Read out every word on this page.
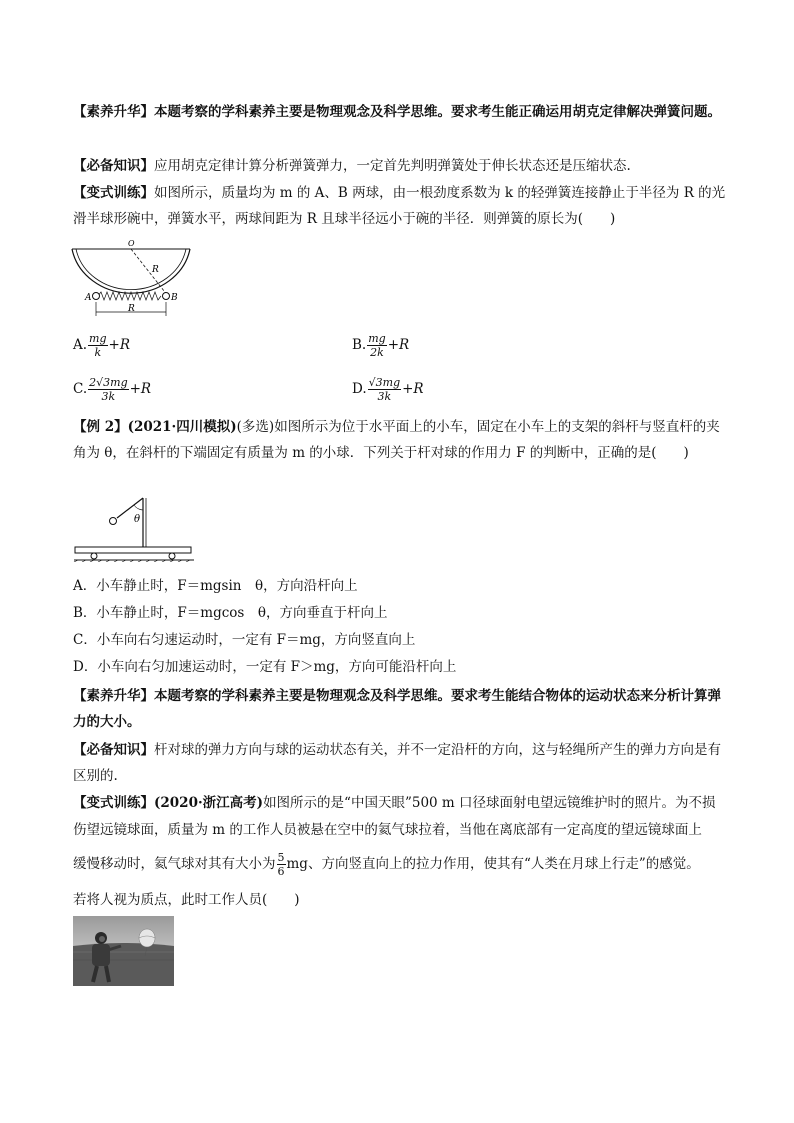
【素养升华】本题考察的学科素养主要是物理观念及科学思维。要求考生能正确运用胡克定律解决弹簧问题。
【必备知识】应用胡克定律计算分析弹簧弹力，一定首先判明弹簧处于伸长状态还是压缩状态.
【变式训练】如图所示，质量均为 m 的 A、B 两球，由一根劲度系数为 k 的轻弹簧连接静止于半径为 R 的光滑半球形碗中，弹簧水平，两球间距为 R 且球半径远小于碗的半径．则弹簧的原长为(　　)
O
R
A	B
R
A. $\frac{mg}{k} +R$	B. $\frac{mg}{2k} +R$
C. $\frac{2√3mg}{3k} +R$	D. $\frac{√3mg}{3k} +R$
【例 2】(2021·四川模拟)(多选)如图所示为位于水平面上的小车，固定在小车上的支架的斜杆与竖直杆的夹角为 θ，在斜杆的下端固定有质量为 m 的小球．下列关于杆对球的作用力 F 的判断中，正确的是(　　)
θ
A．小车静止时，F＝mgsin　θ，方向沿杆向上
B．小车静止时，F＝mgcos　θ，方向垂直于杆向上
C．小车向右匀速运动时，一定有 F＝mg，方向竖直向上
D．小车向右匀加速运动时，一定有 F＞mg，方向可能沿杆向上
【素养升华】本题考察的学科素养主要是物理观念及科学思维。要求考生能结合物体的运动状态来分析计算弹力的大小。
【必备知识】杆对球的弹力方向与球的运动状态有关，并不一定沿杆的方向，这与轻绳所产生的弹力方向是有区别的.
【变式训练】(2020·浙江高考)如图所示的是“中国天眼”500 m 口径球面射电望远镜维护时的照片。为不损
伤望远镜球面，质量为 m 的工作人员被悬在空中的氦气球拉着，当他在离底部有一定高度的望远镜球面上
缓慢移动时，氦气球对其有大小为 $\frac{5}{6}$ mg、方向竖直向上的拉力作用，使其有“人类在月球上行走”的感觉。
若将人视为质点，此时工作人员(　　)
